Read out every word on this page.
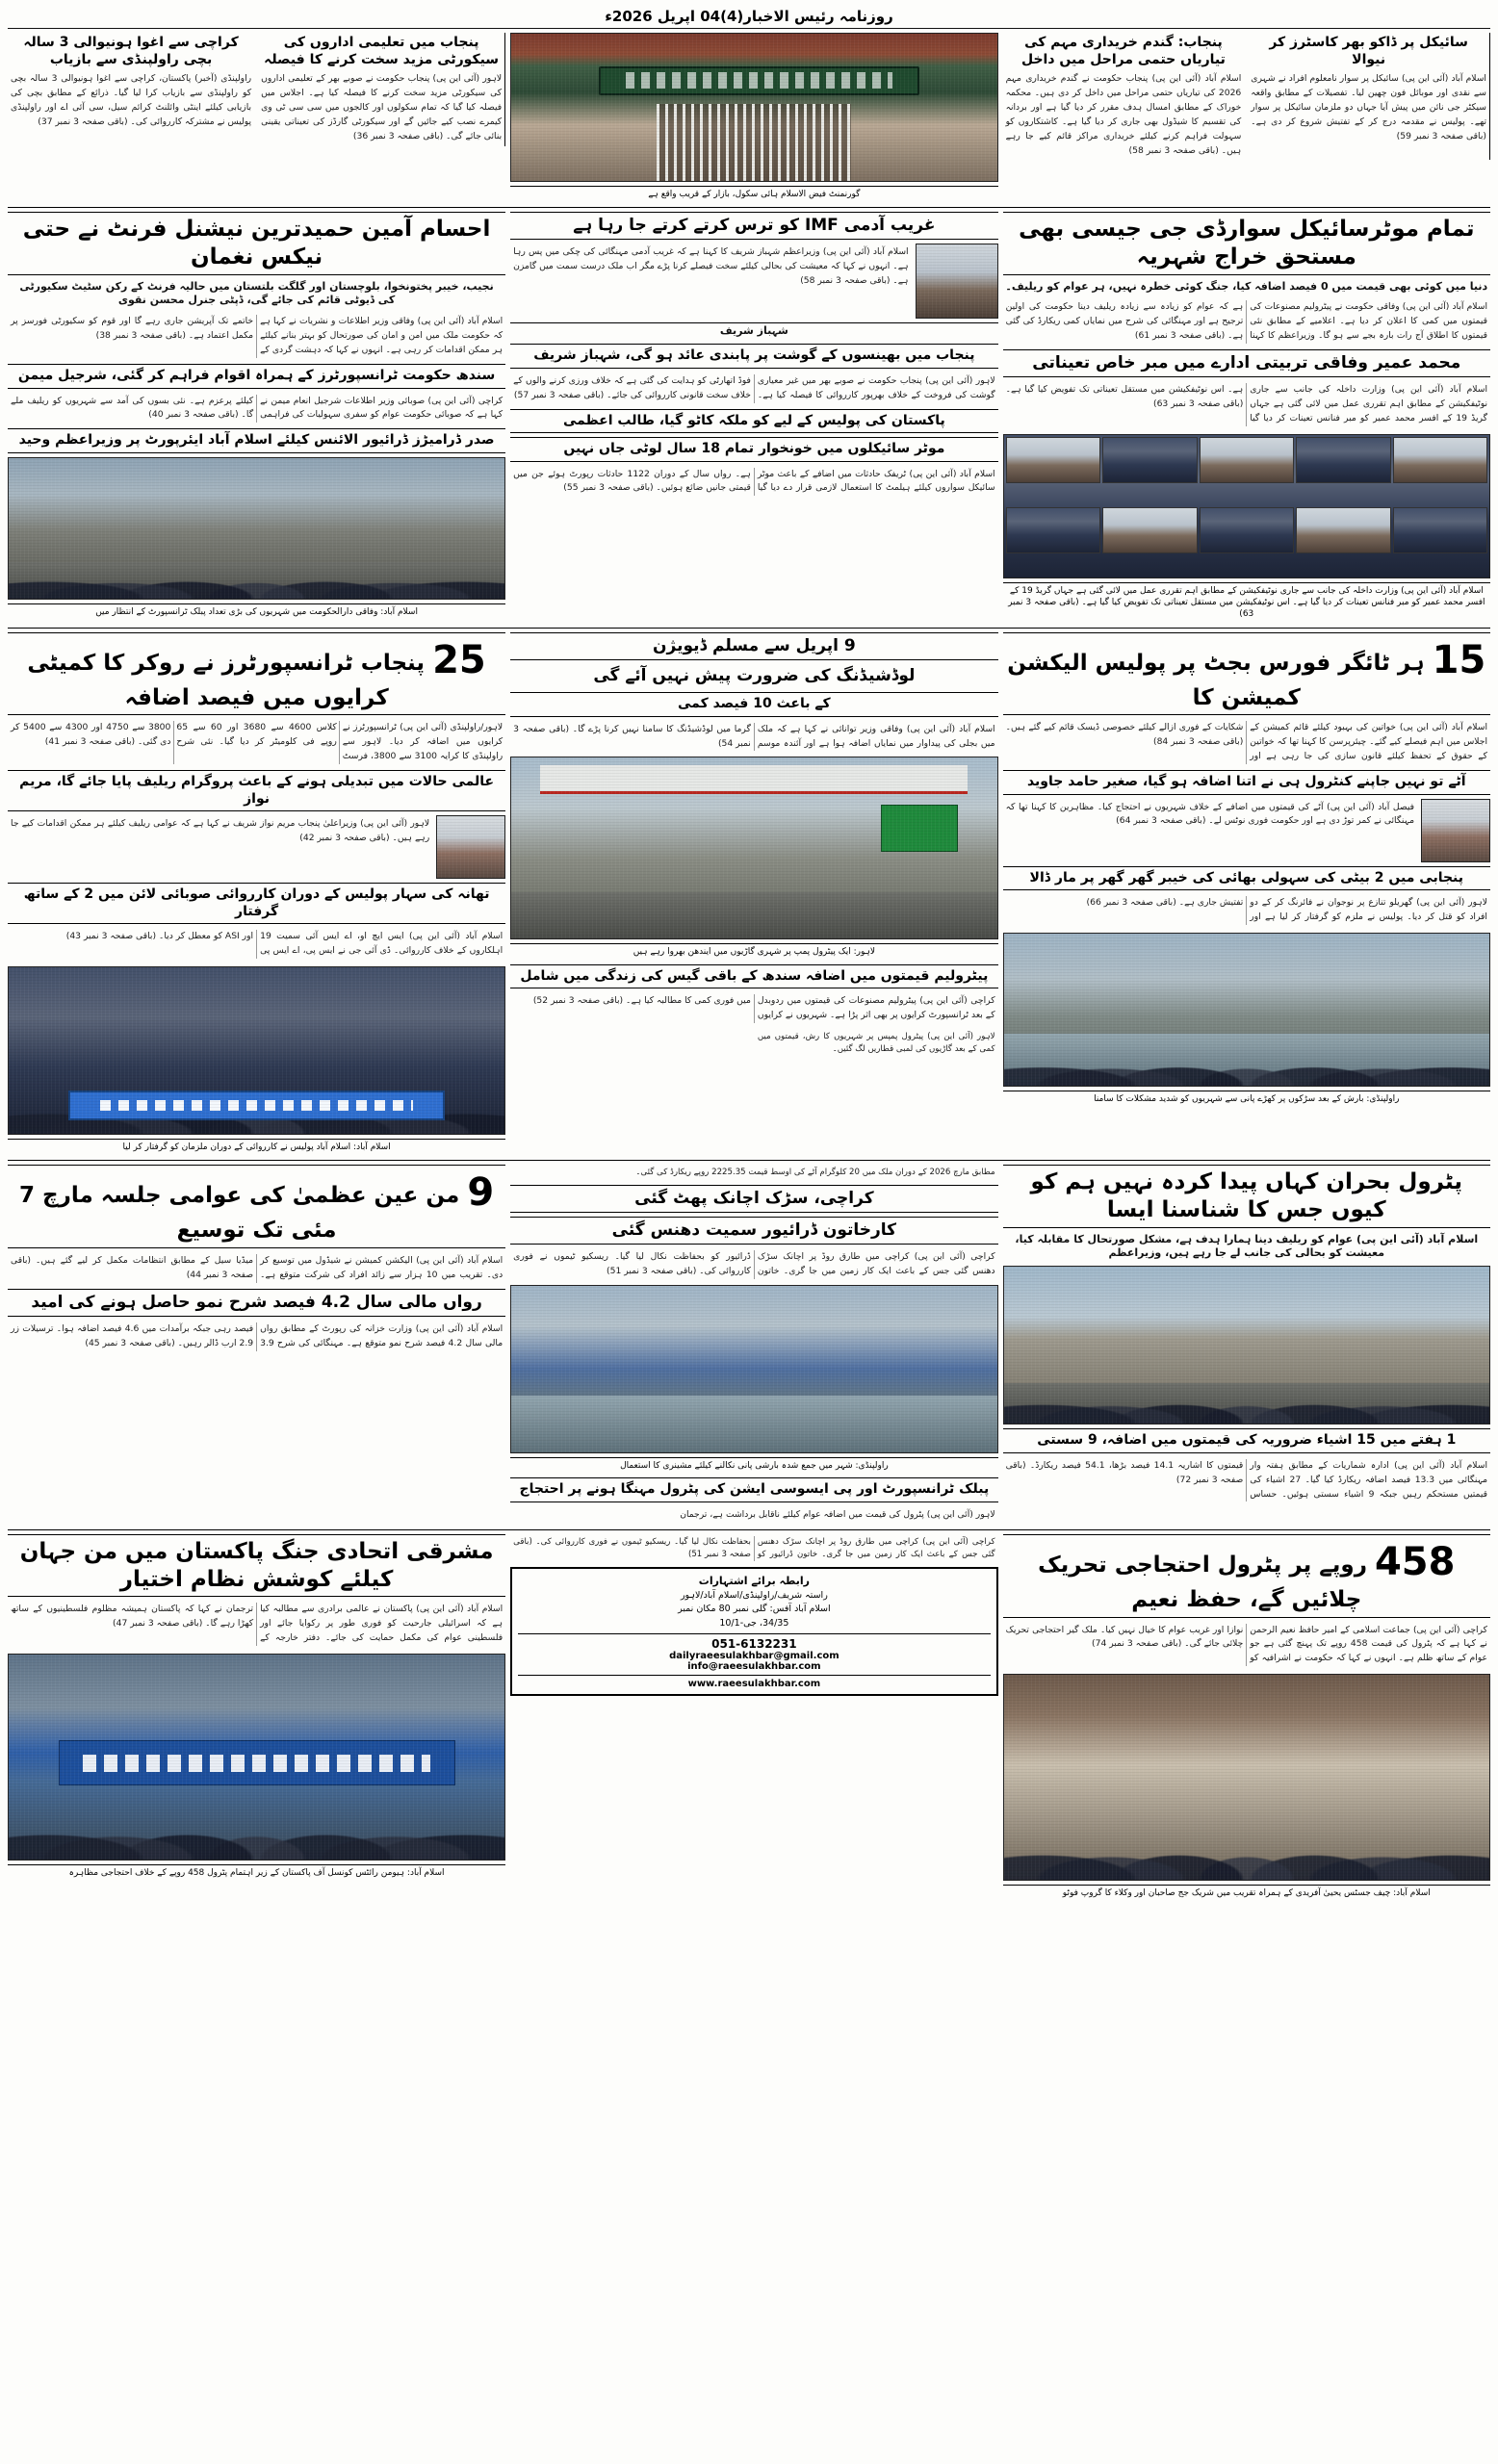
روزنامہ رئیس الاخبار(4)04 اپریل 2026ء
سائیکل پر ڈاکو بھر کاسٹرز کر نیوالا
اسلام آباد (آئی این پی) سائیکل پر سوار نامعلوم افراد نے شہری سے نقدی اور موبائل فون چھین لیا۔ تفصیلات کے مطابق واقعہ سیکٹر جی نائن میں پیش آیا جہاں دو ملزمان سائیکل پر سوار تھے۔ پولیس نے مقدمہ درج کر کے تفتیش شروع کر دی ہے۔ (باقی صفحہ 3 نمبر 59)
پنجاب: گندم خریداری مہم کی تیاریاں حتمی مراحل میں داخل
اسلام آباد (آئی این پی) پنجاب حکومت نے گندم خریداری مہم 2026 کی تیاریاں حتمی مراحل میں داخل کر دی ہیں۔ محکمہ خوراک کے مطابق امسال ہدف مقرر کر دیا گیا ہے اور بردانہ کی تقسیم کا شیڈول بھی جاری کر دیا گیا ہے۔ کاشتکاروں کو سہولت فراہم کرنے کیلئے خریداری مراکز قائم کیے جا رہے ہیں۔ (باقی صفحہ 3 نمبر 58)
گورنمنٹ فیض الاسلام ہائی سکول، بازار کے قریب واقع ہے
پنجاب میں تعلیمی اداروں کی سیکورٹی مزید سخت کرنے کا فیصلہ
لاہور (آئی این پی) پنجاب حکومت نے صوبے بھر کے تعلیمی اداروں کی سیکورٹی مزید سخت کرنے کا فیصلہ کیا ہے۔ اجلاس میں فیصلہ کیا گیا کہ تمام سکولوں اور کالجوں میں سی سی ٹی وی کیمرے نصب کیے جائیں گے اور سیکورٹی گارڈز کی تعیناتی یقینی بنائی جائے گی۔ (باقی صفحہ 3 نمبر 36)
کراچی سے اغوا ہونیوالی 3 سالہ بچی راولپنڈی سے بازیاب
راولپنڈی (آخبر) پاکستان، کراچی سے اغوا ہونیوالی 3 سالہ بچی کو راولپنڈی سے بازیاب کرا لیا گیا۔ ذرائع کے مطابق بچی کی بازیابی کیلئے اینٹی وائلنٹ کرائم سیل، سی آئی اے اور راولپنڈی پولیس نے مشترکہ کارروائی کی۔ (باقی صفحہ 3 نمبر 37)
تمام موٹرسائیکل سوارڈی جی جیسی بھی مستحق خراج شہریہ
دنیا میں کوئی بھی قیمت میں 0 فیصد اضافہ کیا، جنگ کوئی خطرہ نہیں، ہر عوام کو ریلیف۔
اسلام آباد (آئی این پی) وفاقی حکومت نے پیٹرولیم مصنوعات کی قیمتوں میں کمی کا اعلان کر دیا ہے۔ اعلامیے کے مطابق نئی قیمتوں کا اطلاق آج رات بارہ بجے سے ہو گا۔ وزیراعظم کا کہنا ہے کہ عوام کو زیادہ سے زیادہ ریلیف دینا حکومت کی اولین ترجیح ہے اور مہنگائی کی شرح میں نمایاں کمی ریکارڈ کی گئی ہے۔ (باقی صفحہ 3 نمبر 61)
محمد عمیر وفاقی تربیتی ادارے میں مبر خاص تعیناتی
اسلام آباد (آئی این پی) وزارت داخلہ کی جانب سے جاری نوٹیفکیشن کے مطابق اہم تقرری عمل میں لائی گئی ہے جہاں گریڈ 19 کے افسر محمد عمیر کو مبر فنانس تعینات کر دیا گیا ہے۔ اس نوٹیفکیشن میں مستقل تعیناتی تک تفویض کیا گیا ہے۔ (باقی صفحہ 3 نمبر 63)
اسلام آباد (آئی این پی) وزارت داخلہ کی جانب سے جاری نوٹیفکیشن کے مطابق اہم تقرری عمل میں لائی گئی ہے جہاں گریڈ 19 کے افسر محمد عمیر کو مبر فنانس تعینات کر دیا گیا ہے۔ اس نوٹیفکیشن میں مستقل تعیناتی تک تفویض کیا گیا ہے۔ (باقی صفحہ 3 نمبر 63)
غریب آدمی IMF کو ترس کرتے کرتے جا رہا ہے
اسلام آباد (آئی این پی) وزیراعظم شہباز شریف کا کہنا ہے کہ غریب آدمی مہنگائی کی چکی میں پس رہا ہے۔ انہوں نے کہا کہ معیشت کی بحالی کیلئے سخت فیصلے کرنا پڑے مگر اب ملک درست سمت میں گامزن ہے۔ (باقی صفحہ 3 نمبر 58)
شہباز شریف
پنجاب میں بھینسوں کے گوشت پر پابندی عائد ہو گی، شہباز شریف
لاہور (آئی این پی) پنجاب حکومت نے صوبے بھر میں غیر معیاری گوشت کی فروخت کے خلاف بھرپور کارروائی کا فیصلہ کیا ہے۔ فوڈ اتھارٹی کو ہدایت کی گئی ہے کہ خلاف ورزی کرنے والوں کے خلاف سخت قانونی کارروائی کی جائے۔ (باقی صفحہ 3 نمبر 57)
پاکستان کی پولیس کے لیے کو ملکہ کاٹو گیا، طالب اعظمی
موٹر سائیکلوں میں خونخوار تمام 18 سال لوٹی جاں نہیں
اسلام آباد (آئی این پی) ٹریفک حادثات میں اضافے کے باعث موٹر سائیکل سواروں کیلئے ہیلمٹ کا استعمال لازمی قرار دے دیا گیا ہے۔ رواں سال کے دوران 1122 حادثات رپورٹ ہوئے جن میں قیمتی جانیں ضائع ہوئیں۔ (باقی صفحہ 3 نمبر 55)
احسام آمین حمیدترین نیشنل فرنٹ نے حتی نیکس نغمان
نجیب، خیبر پختونخوا، بلوچستان اور گلگت بلتستان میں حالیہ فرنٹ کے رکن سٹیٹ سکیورٹی کی ڈیوٹی قائم کی جائے گی، ڈپٹی جنرل محسن نقوی
اسلام آباد (آئی این پی) وفاقی وزیر اطلاعات و نشریات نے کہا ہے کہ حکومت ملک میں امن و امان کی صورتحال کو بہتر بنانے کیلئے ہر ممکن اقدامات کر رہی ہے۔ انہوں نے کہا کہ دہشت گردی کے خاتمے تک آپریشن جاری رہے گا اور قوم کو سکیورٹی فورسز پر مکمل اعتماد ہے۔ (باقی صفحہ 3 نمبر 38)
سندھ حکومت ٹرانسپورٹرز کے ہمراہ اقوام فراہم کر گئی، شرجیل میمن
کراچی (آئی این پی) صوبائی وزیر اطلاعات شرجیل انعام میمن نے کہا ہے کہ صوبائی حکومت عوام کو سفری سہولیات کی فراہمی کیلئے پرعزم ہے۔ نئی بسوں کی آمد سے شہریوں کو ریلیف ملے گا۔ (باقی صفحہ 3 نمبر 40)
صدر ڈرامیڑز ڈرائیور الائنس کیلئے اسلام آباد ایئرپورٹ پر وزیراعظم وحید
اسلام آباد: وفاقی دارالحکومت میں شہریوں کی بڑی تعداد پبلک ٹرانسپورٹ کے انتظار میں
15 ہر ٹائگر فورس بجٹ پر پولیس الیکشن کمیشن کا
اسلام آباد (آئی این پی) خواتین کی بہبود کیلئے قائم کمیشن کے اجلاس میں اہم فیصلے کیے گئے۔ چیئرپرسن کا کہنا تھا کہ خواتین کے حقوق کے تحفظ کیلئے قانون سازی کی جا رہی ہے اور شکایات کے فوری ازالے کیلئے خصوصی ڈیسک قائم کیے گئے ہیں۔ (باقی صفحہ 3 نمبر 84)
آٹے تو نہیں جاپنے کنٹرول ہی نے اتنا اضافہ ہو گیا، صغیر حامد جاوید
فیصل آباد (آئی این پی) آٹے کی قیمتوں میں اضافے کے خلاف شہریوں نے احتجاج کیا۔ مظاہرین کا کہنا تھا کہ مہنگائی نے کمر توڑ دی ہے اور حکومت فوری نوٹس لے۔ (باقی صفحہ 3 نمبر 64)
پنجابی میں 2 بیٹی کی سہولی بھائی کی خیبر گھر گھر پر مار ڈالا
لاہور (آئی این پی) گھریلو تنازع پر نوجوان نے فائرنگ کر کے دو افراد کو قتل کر دیا۔ پولیس نے ملزم کو گرفتار کر لیا ہے اور تفتیش جاری ہے۔ (باقی صفحہ 3 نمبر 66)
راولپنڈی: بارش کے بعد سڑکوں پر کھڑے پانی سے شہریوں کو شدید مشکلات کا سامنا
9 اپریل سے مسلم ڈیویژن
لوڈشیڈنگ کی ضرورت پیش نہیں آئے گی
کے باعث 10 فیصد کمی
اسلام آباد (آئی این پی) وفاقی وزیر توانائی نے کہا ہے کہ ملک میں بجلی کی پیداوار میں نمایاں اضافہ ہوا ہے اور آئندہ موسم گرما میں لوڈشیڈنگ کا سامنا نہیں کرنا پڑے گا۔ (باقی صفحہ 3 نمبر 54)
لاہور: ایک پیٹرول پمپ پر شہری گاڑیوں میں ایندھن بھروا رہے ہیں
پیٹرولیم قیمتوں میں اضافہ سندھ کے باقی گیس کی زندگی میں شامل
کراچی (آئی این پی) پیٹرولیم مصنوعات کی قیمتوں میں ردوبدل کے بعد ٹرانسپورٹ کرایوں پر بھی اثر پڑا ہے۔ شہریوں نے کرایوں میں فوری کمی کا مطالبہ کیا ہے۔ (باقی صفحہ 3 نمبر 52)
لاہور (آئی این پی) پیٹرول پمپس پر شہریوں کا رش، قیمتوں میں کمی کے بعد گاڑیوں کی لمبی قطاریں لگ گئیں۔
25 پنجاب ٹرانسپورٹرز نے روکر کا کمیٹی کرایوں میں فیصد اضافہ
لاہور/راولپنڈی (آئی این پی) ٹرانسپورٹرز نے کرایوں میں اضافہ کر دیا۔ لاہور سے راولپنڈی کا کرایہ 3100 سے 3800، فرسٹ کلاس 4600 سے 3680 اور 60 سے 65 روپے فی کلومیٹر کر دیا گیا۔ نئی شرح 3800 سے 4750 اور 4300 سے 5400 کر دی گئی۔ (باقی صفحہ 3 نمبر 41)
عالمی حالات میں تبدیلی ہونے کے باعث پروگرام ریلیف پایا جائے گا، مریم نواز
لاہور (آئی این پی) وزیراعلیٰ پنجاب مریم نواز شریف نے کہا ہے کہ عوامی ریلیف کیلئے ہر ممکن اقدامات کیے جا رہے ہیں۔ (باقی صفحہ 3 نمبر 42)
تھانہ کی سہار پولیس کے دوران کارروائی صوبائی لائن میں 2 کے ساتھ گرفتار
اسلام آباد (آئی این پی) ایس ایچ او، اے ایس آئی سمیت 19 اہلکاروں کے خلاف کارروائی۔ ڈی آئی جی نے ایس پی، اے ایس پی اور ASI کو معطل کر دیا۔ (باقی صفحہ 3 نمبر 43)
اسلام آباد: اسلام آباد پولیس نے کارروائی کے دوران ملزمان کو گرفتار کر لیا
پٹرول بحران کہاں پیدا کردہ نہیں ہم کو کیوں جس کا شناسنا ایسا
اسلام آباد (آئی این پی) عوام کو ریلیف دینا ہمارا ہدف ہے، مشکل صورتحال کا مقابلہ کیا، معیشت کو بحالی کی جانب لے جا رہے ہیں، وزیراعظم
1 ہفتے میں 15 اشیاء ضروریہ کی قیمتوں میں اضافہ، 9 سستی
اسلام آباد (آئی این پی) ادارہ شماریات کے مطابق ہفتہ وار مہنگائی میں 13.3 فیصد اضافہ ریکارڈ کیا گیا۔ 27 اشیاء کی قیمتیں مستحکم رہیں جبکہ 9 اشیاء سستی ہوئیں۔ حساس قیمتوں کا اشاریہ 14.1 فیصد بڑھا، 54.1 فیصد ریکارڈ۔ (باقی صفحہ 3 نمبر 72)
مطابق مارچ 2026 کے دوران ملک میں 20 کلوگرام آٹے کی اوسط قیمت 2225.35 روپے ریکارڈ کی گئی۔
کراچی، سڑک اچانک پھٹ گئی
کارخاتون ڈرائیور سمیت دھنس گئی
کراچی (آئی این پی) کراچی میں طارق روڈ پر اچانک سڑک دھنس گئی جس کے باعث ایک کار زمین میں جا گری۔ خاتون ڈرائیور کو بحفاظت نکال لیا گیا۔ ریسکیو ٹیموں نے فوری کارروائی کی۔ (باقی صفحہ 3 نمبر 51)
راولپنڈی: شہر میں جمع شدہ بارشی پانی نکالنے کیلئے مشینری کا استعمال
پبلک ٹرانسپورٹ اور پی ایسوسی ایشن کی پٹرول مہنگا ہونے پر احتجاج
لاہور (آئی این پی) پٹرول کی قیمت میں اضافہ عوام کیلئے ناقابل برداشت ہے، ترجمان
9 من عین عظمیٰ کی عوامی جلسہ مارچ 7 مئی تک توسیع
اسلام آباد (آئی این پی) الیکشن کمیشن نے شیڈول میں توسیع کر دی۔ تقریب میں 10 ہزار سے زائد افراد کی شرکت متوقع ہے۔ میڈیا سیل کے مطابق انتظامات مکمل کر لیے گئے ہیں۔ (باقی صفحہ 3 نمبر 44)
رواں مالی سال 4.2 فیصد شرح نمو حاصل ہونے کی امید
اسلام آباد (آئی این پی) وزارت خزانہ کی رپورٹ کے مطابق رواں مالی سال 4.2 فیصد شرح نمو متوقع ہے۔ مہنگائی کی شرح 3.9 فیصد رہی جبکہ برآمدات میں 4.6 فیصد اضافہ ہوا۔ ترسیلات زر 2.9 ارب ڈالر رہیں۔ (باقی صفحہ 3 نمبر 45)
458 روپے پر پٹرول احتجاجی تحریک چلائیں گے، حفظ نعیم
کراچی (آئی این پی) جماعت اسلامی کے امیر حافظ نعیم الرحمن نے کہا ہے کہ پٹرول کی قیمت 458 روپے تک پہنچ گئی ہے جو عوام کے ساتھ ظلم ہے۔ انہوں نے کہا کہ حکومت نے اشرافیہ کو نوازا اور غریب عوام کا خیال نہیں کیا۔ ملک گیر احتجاجی تحریک چلائی جائے گی۔ (باقی صفحہ 3 نمبر 74)
اسلام آباد: چیف جسٹس یحییٰ آفریدی کے ہمراہ تقریب میں شریک جج صاحبان اور وکلاء کا گروپ فوٹو
کراچی (آئی این پی) کراچی میں طارق روڈ پر اچانک سڑک دھنس گئی جس کے باعث ایک کار زمین میں جا گری۔ خاتون ڈرائیور کو بحفاظت نکال لیا گیا۔ ریسکیو ٹیموں نے فوری کارروائی کی۔ (باقی صفحہ 3 نمبر 51)
رابطہ برائے اشتہارات
راستہ شریف/راولپنڈی/اسلام آباد/لاہور
اسلام آباد آفس: گلی نمبر 80 مکان نمبر
34/35، جی-10/1
051-6132231
dailyraeesulakhbar@gmail.com
info@raeesulakhbar.com
www.raeesulakhbar.com
مشرقی اتحادی جنگ پاکستان میں من جہان کیلئے کوشش نظام اختیار
اسلام آباد (آئی این پی) پاکستان نے عالمی برادری سے مطالبہ کیا ہے کہ اسرائیلی جارحیت کو فوری طور پر رکوایا جائے اور فلسطینی عوام کی مکمل حمایت کی جائے۔ دفتر خارجہ کے ترجمان نے کہا کہ پاکستان ہمیشہ مظلوم فلسطینیوں کے ساتھ کھڑا رہے گا۔ (باقی صفحہ 3 نمبر 47)
اسلام آباد: ہیومن رائٹس کونسل آف پاکستان کے زیر اہتمام پٹرول 458 روپے کے خلاف احتجاجی مظاہرہ
